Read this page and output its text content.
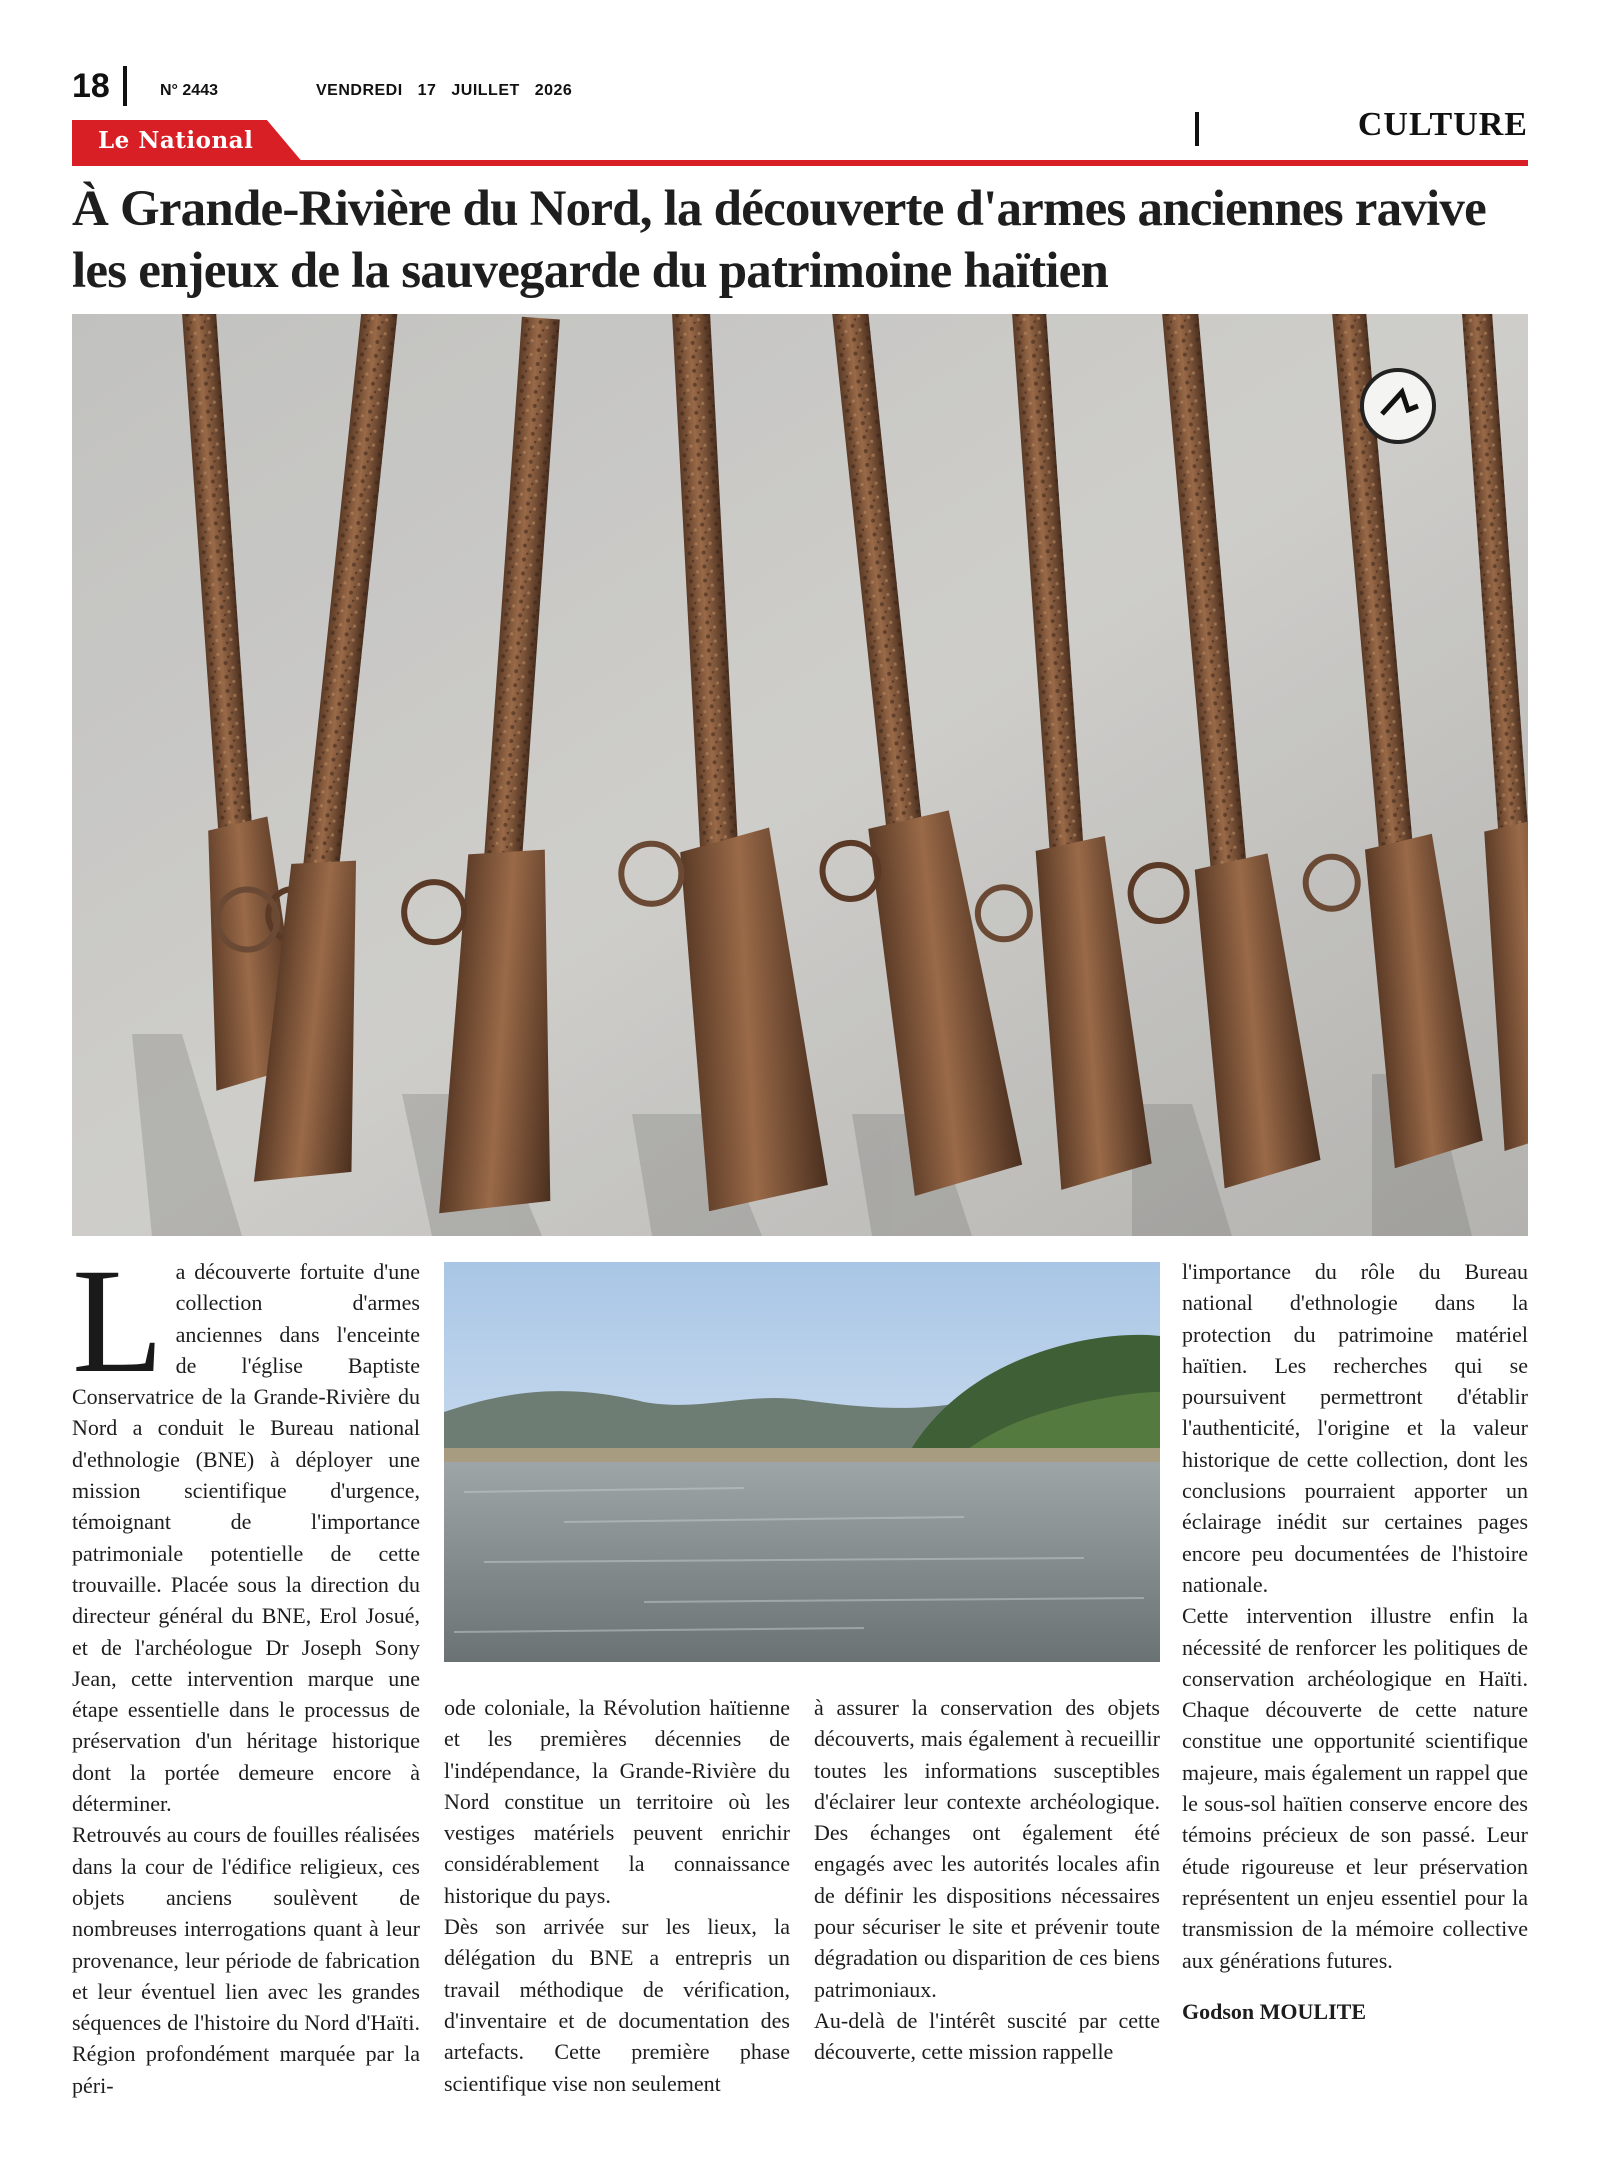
18	N° 2443	VENDREDI 17 JUILLET 2026
Le National	CULTURE
À Grande-Rivière du Nord, la découverte d'armes anciennes ravive les enjeux de la sauvegarde du patrimoine haïtien
L a découverte fortuite d'une collection d'armes anciennes dans l'enceinte de l'église Baptiste Conservatrice de la Grande-Rivière du Nord a conduit le Bureau national d'ethnologie (BNE) à déployer une mission scientifique d'urgence, témoignant de l'importance patrimoniale potentielle de cette trouvaille. Placée sous la direction du directeur général du BNE, Erol Josué, et de l'archéologue Dr Joseph Sony Jean, cette intervention marque une étape essentielle dans le processus de préservation d'un héritage historique dont la portée demeure encore à déterminer.

Retrouvés au cours de fouilles réalisées dans la cour de l'édifice religieux, ces objets anciens soulèvent de nombreuses interrogations quant à leur provenance, leur période de fabrication et leur éventuel lien avec les grandes séquences de l'histoire du Nord d'Haïti. Région profondément marquée par la péri-

ode coloniale, la Révolution haïtienne et les premières décennies de l'indépendance, la Grande-Rivière du Nord constitue un territoire où les vestiges matériels peuvent enrichir considérablement la connaissance historique du pays.

Dès son arrivée sur les lieux, la délégation du BNE a entrepris un travail méthodique de vérification, d'inventaire et de documentation des artefacts. Cette première phase scientifique vise non seulement

à assurer la conservation des objets découverts, mais également à recueillir toutes les informations susceptibles d'éclairer leur contexte archéologique. Des échanges ont également été engagés avec les autorités locales afin de définir les dispositions nécessaires pour sécuriser le site et prévenir toute dégradation ou disparition de ces biens patrimoniaux.

Au-delà de l'intérêt suscité par cette découverte, cette mission rappelle

l'importance du rôle du Bureau national d'ethnologie dans la protection du patrimoine matériel haïtien. Les recherches qui se poursuivent permettront d'établir l'authenticité, l'origine et la valeur historique de cette collection, dont les conclusions pourraient apporter un éclairage inédit sur certaines pages encore peu documentées de l'histoire nationale.

Cette intervention illustre enfin la nécessité de renforcer les politiques de conservation archéologique en Haïti. Chaque découverte de cette nature constitue une opportunité scientifique majeure, mais également un rappel que le sous-sol haïtien conserve encore des témoins précieux de son passé. Leur étude rigoureuse et leur préservation représentent un enjeu essentiel pour la transmission de la mémoire collective aux générations futures.

Godson MOULITE
